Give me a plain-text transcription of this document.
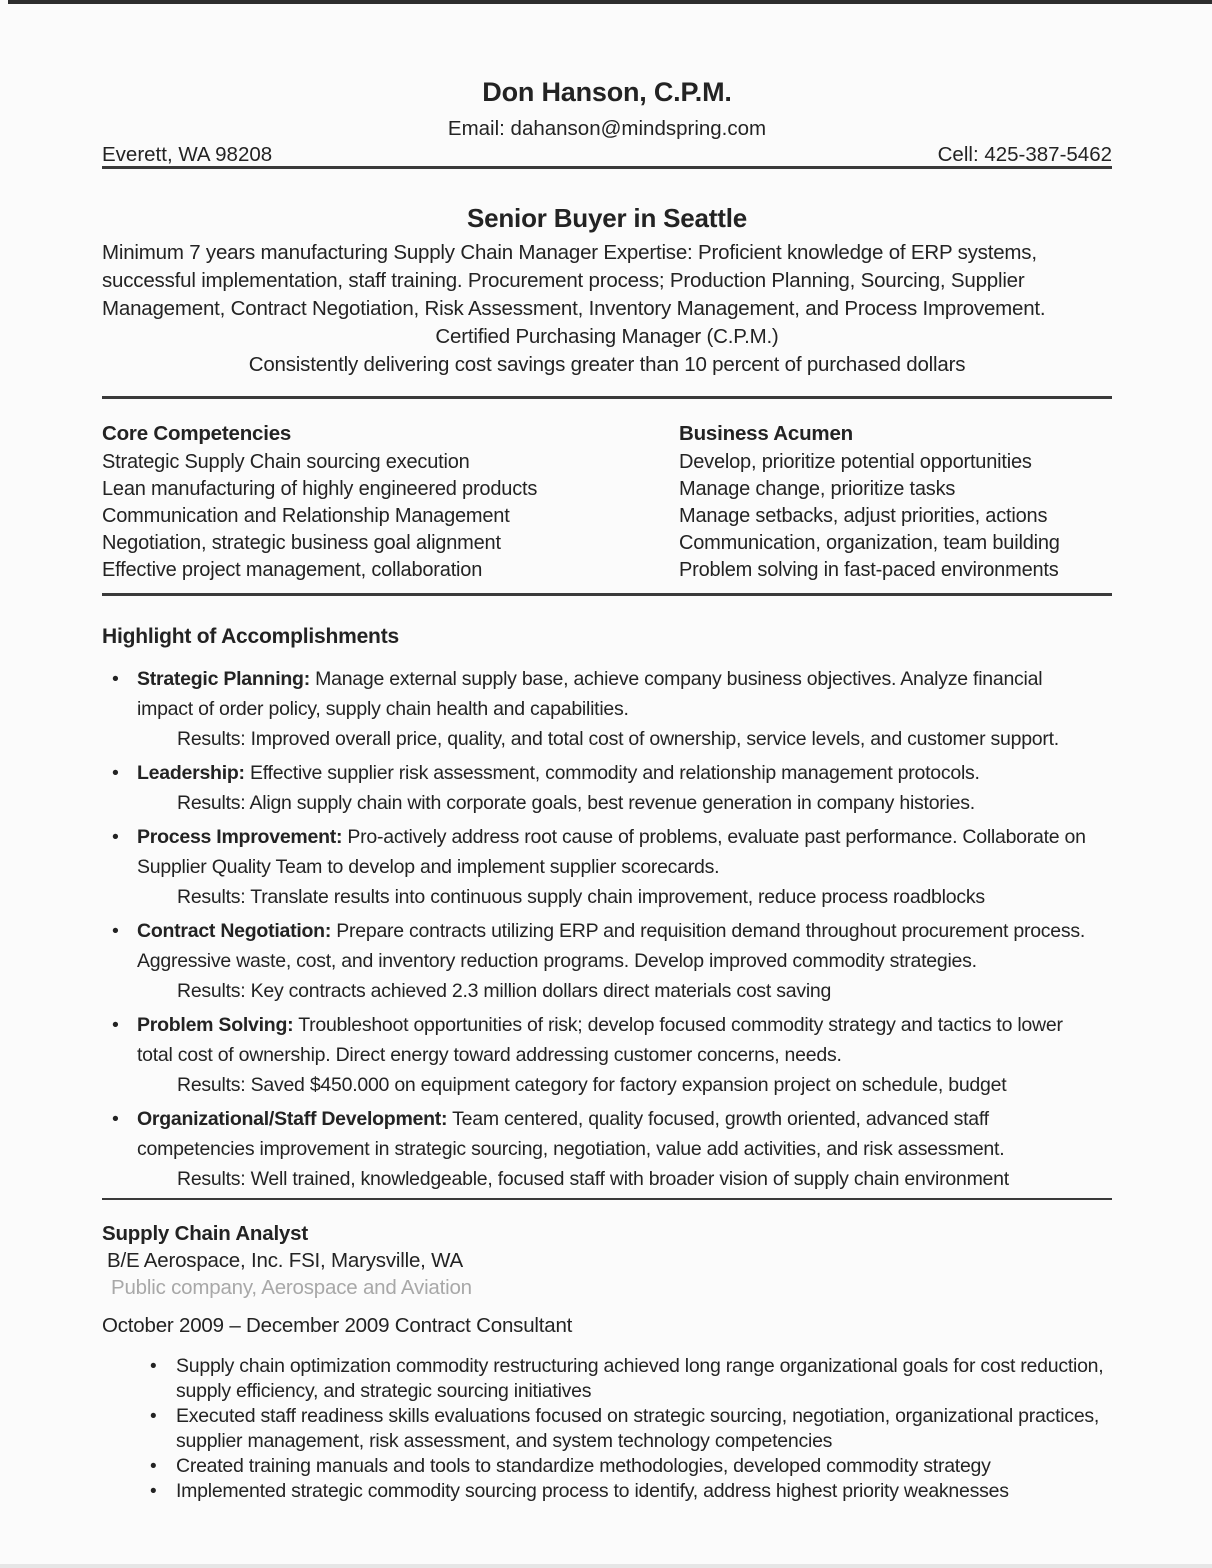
Don Hanson, C.P.M.
Email: dahanson@mindspring.com
Everett, WA 98208	Cell: 425-387-5462
Senior Buyer in Seattle
Minimum 7 years manufacturing Supply Chain Manager Expertise: Proficient knowledge of ERP systems, successful implementation, staff training. Procurement process; Production Planning, Sourcing, Supplier Management, Contract Negotiation, Risk Assessment, Inventory Management, and Process Improvement.
Certified Purchasing Manager (C.P.M.)
Consistently delivering cost savings greater than 10 percent of purchased dollars
Core Competencies
Strategic Supply Chain sourcing execution
Lean manufacturing of highly engineered products
Communication and Relationship Management
Negotiation, strategic business goal alignment
Effective project management, collaboration
Business Acumen
Develop, prioritize potential opportunities
Manage change, prioritize tasks
Manage setbacks, adjust priorities, actions
Communication, organization, team building
Problem solving in fast-paced environments
Highlight of Accomplishments
• Strategic Planning: Manage external supply base, achieve company business objectives. Analyze financial impact of order policy, supply chain health and capabilities.
Results: Improved overall price, quality, and total cost of ownership, service levels, and customer support.
• Leadership: Effective supplier risk assessment, commodity and relationship management protocols.
Results: Align supply chain with corporate goals, best revenue generation in company histories.
• Process Improvement: Pro-actively address root cause of problems, evaluate past performance. Collaborate on Supplier Quality Team to develop and implement supplier scorecards.
Results: Translate results into continuous supply chain improvement, reduce process roadblocks
• Contract Negotiation: Prepare contracts utilizing ERP and requisition demand throughout procurement process. Aggressive waste, cost, and inventory reduction programs. Develop improved commodity strategies.
Results: Key contracts achieved 2.3 million dollars direct materials cost saving
• Problem Solving: Troubleshoot opportunities of risk; develop focused commodity strategy and tactics to lower total cost of ownership. Direct energy toward addressing customer concerns, needs.
Results: Saved $450.000 on equipment category for factory expansion project on schedule, budget
• Organizational/Staff Development: Team centered, quality focused, growth oriented, advanced staff competencies improvement in strategic sourcing, negotiation, value add activities, and risk assessment.
Results: Well trained, knowledgeable, focused staff with broader vision of supply chain environment
Supply Chain Analyst
B/E Aerospace, Inc. FSI, Marysville, WA
Public company, Aerospace and Aviation
October 2009 – December 2009 Contract Consultant
• Supply chain optimization commodity restructuring achieved long range organizational goals for cost reduction, supply efficiency, and strategic sourcing initiatives
• Executed staff readiness skills evaluations focused on strategic sourcing, negotiation, organizational practices, supplier management, risk assessment, and system technology competencies
• Created training manuals and tools to standardize methodologies, developed commodity strategy
• Implemented strategic commodity sourcing process to identify, address highest priority weaknesses
